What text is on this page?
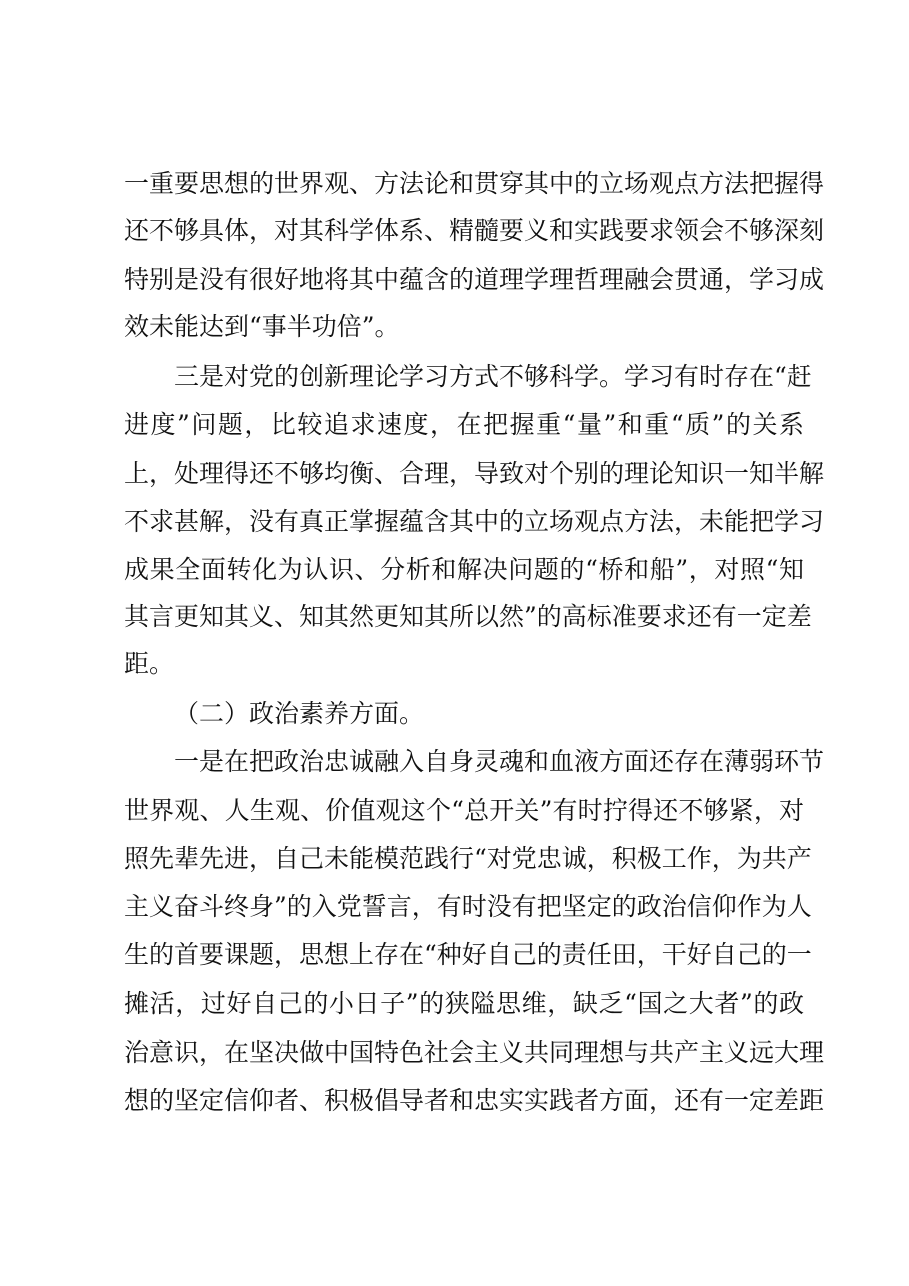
一重要思想的世界观、方法论和贯穿其中的立场观点方法把握得
还不够具体，对其科学体系、精髓要义和实践要求领会不够深刻
特别是没有很好地将其中蕴含的道理学理哲理融会贯通，学习成
效未能达到“事半功倍”。
三是对党的创新理论学习方式不够科学。学习有时存在“赶
进度”问题，比较追求速度，在把握重“量”和重“质”的关系
上，处理得还不够均衡、合理，导致对个别的理论知识一知半解
不求甚解，没有真正掌握蕴含其中的立场观点方法，未能把学习
成果全面转化为认识、分析和解决问题的“桥和船”，对照“知
其言更知其义、知其然更知其所以然”的高标准要求还有一定差
距。
（二）政治素养方面。
一是在把政治忠诚融入自身灵魂和血液方面还存在薄弱环节
世界观、人生观、价值观这个“总开关”有时拧得还不够紧，对
照先辈先进，自己未能模范践行“对党忠诚，积极工作，为共产
主义奋斗终身”的入党誓言，有时没有把坚定的政治信仰作为人
生的首要课题，思想上存在“种好自己的责任田，干好自己的一
摊活，过好自己的小日子”的狭隘思维，缺乏“国之大者”的政
治意识，在坚决做中国特色社会主义共同理想与共产主义远大理
想的坚定信仰者、积极倡导者和忠实实践者方面，还有一定差距
